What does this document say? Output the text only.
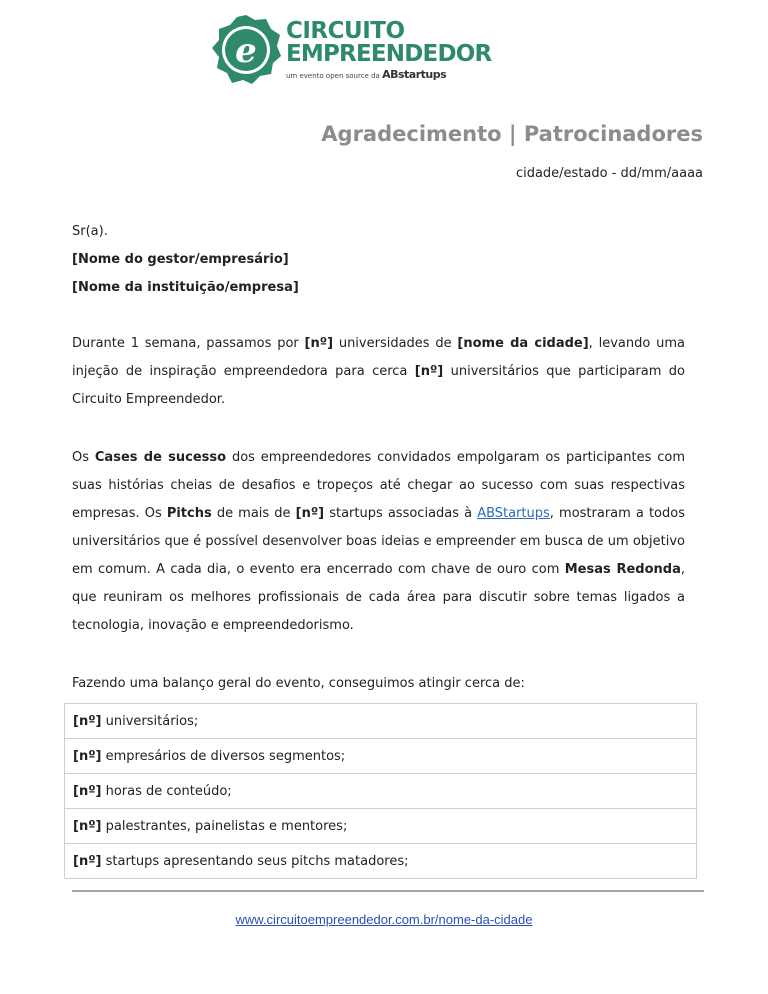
e CIRCUITO
EMPREENDEDOR
um evento open source da ABstartups
Agradecimento | Patrocinadores
cidade/estado - dd/mm/aaaa
Sr(a).
[Nome do gestor/empresário]
[Nome da instituição/empresa]
Durante 1 semana, passamos por [nº] universidades de [nome da cidade], levando uma injeção de inspiração empreendedora para cerca [nº] universitários que participaram do Circuito Empreendedor.
Os Cases de sucesso dos empreendedores convidados empolgaram os participantes com suas histórias cheias de desafios e tropeços até chegar ao sucesso com suas respectivas empresas. Os Pitchs de mais de [nº] startups associadas à ABStartups, mostraram a todos universitários que é possível desenvolver boas ideias e empreender em busca de um objetivo em comum. A cada dia, o evento era encerrado com chave de ouro com Mesas Redonda, que reuniram os melhores profissionais de cada área para discutir sobre temas ligados a tecnologia, inovação e empreendedorismo.
Fazendo uma balanço geral do evento, conseguimos atingir cerca de:
[nº] universitários;
[nº] empresários de diversos segmentos;
[nº] horas de conteúdo;
[nº] palestrantes, painelistas e mentores;
[nº] startups apresentando seus pitchs matadores;
www.circuitoempreendedor.com.br/nome-da-cidade
